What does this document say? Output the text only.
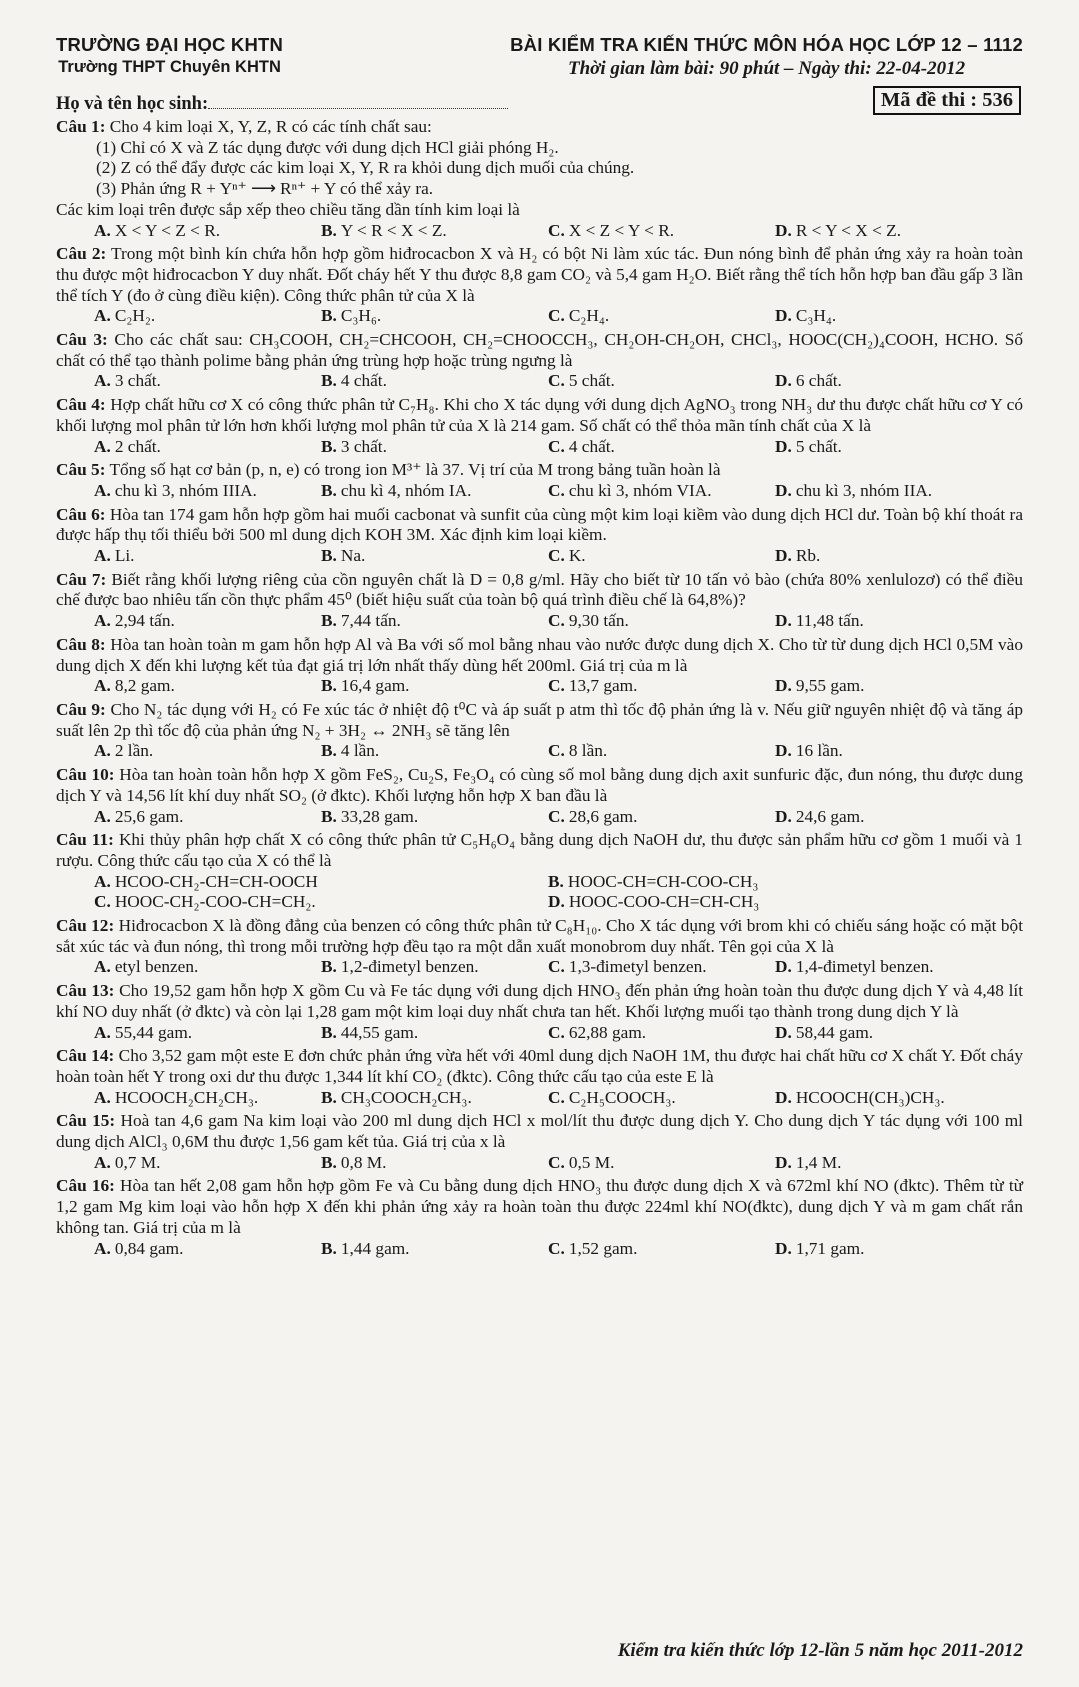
TRƯỜNG ĐẠI HỌC KHTN
Trường THPT Chuyên KHTN
BÀI KIỂM TRA KIẾN THỨC MÔN HÓA HỌC LỚP 12 – 1112
Thời gian làm bài: 90 phút – Ngày thi: 22-04-2012
Họ và tên học sinh:	Mã đề thi : 536

Câu 1: Cho 4 kim loại X, Y, Z, R có các tính chất sau:

(1) Chỉ có X và Z tác dụng được với dung dịch HCl giải phóng H₂.

(2) Z có thể đẩy được các kim loại X, Y, R ra khỏi dung dịch muối của chúng.

(3) Phản ứng R + Yⁿ⁺ ⟶ Rⁿ⁺ + Y có thể xảy ra.

Các kim loại trên được sắp xếp theo chiều tăng dần tính kim loại là

A. X < Y < Z < R.	B. Y < R < X < Z.	C. X < Z < Y < R.	D. R < Y < X < Z.

Câu 2: Trong một bình kín chứa hỗn hợp gồm hiđrocacbon X và H₂ có bột Ni làm xúc tác. Đun nóng bình để phản ứng xảy ra hoàn toàn thu được một hiđrocacbon Y duy nhất. Đốt cháy hết Y thu được 8,8 gam CO₂ và 5,4 gam H₂O. Biết rằng thể tích hỗn hợp ban đầu gấp 3 lần thể tích Y (đo ở cùng điều kiện). Công thức phân tử của X là

A. C₂H₂.	B. C₃H₆.	C. C₂H₄.	D. C₃H₄.

Câu 3: Cho các chất sau: CH₃COOH, CH₂=CHCOOH, CH₂=CHOOCCH₃, CH₂OH-CH₂OH, CHCl₃, HOOC(CH₂)₄COOH, HCHO. Số chất có thể tạo thành polime bằng phản ứng trùng hợp hoặc trùng ngưng là

A. 3 chất.	B. 4 chất.	C. 5 chất.	D. 6 chất.

Câu 4: Hợp chất hữu cơ X có công thức phân tử C₇H₈. Khi cho X tác dụng với dung dịch AgNO₃ trong NH₃ dư thu được chất hữu cơ Y có khối lượng mol phân tử lớn hơn khối lượng mol phân tử của X là 214 gam. Số chất có thể thỏa mãn tính chất của X là

A. 2 chất.	B. 3 chất.	C. 4 chất.	D. 5 chất.

Câu 5: Tổng số hạt cơ bản (p, n, e) có trong ion M³⁺ là 37. Vị trí của M trong bảng tuần hoàn là

A. chu kì 3, nhóm IIIA.	B. chu kì 4, nhóm IA.	C. chu kì 3, nhóm VIA.	D. chu kì 3, nhóm IIA.

Câu 6: Hòa tan 174 gam hỗn hợp gồm hai muối cacbonat và sunfit của cùng một kim loại kiềm vào dung dịch HCl dư. Toàn bộ khí thoát ra được hấp thụ tối thiểu bởi 500 ml dung dịch KOH 3M. Xác định kim loại kiềm.

A. Li.	B. Na.	C. K.	D. Rb.

Câu 7: Biết rằng khối lượng riêng của cồn nguyên chất là D = 0,8 g/ml. Hãy cho biết từ 10 tấn vỏ bào (chứa 80% xenlulozơ) có thể điều chế được bao nhiêu tấn cồn thực phẩm 45⁰ (biết hiệu suất của toàn bộ quá trình điều chế là 64,8%)?

A. 2,94 tấn.	B. 7,44 tấn.	C. 9,30 tấn.	D. 11,48 tấn.

Câu 8: Hòa tan hoàn toàn m gam hỗn hợp Al và Ba với số mol bằng nhau vào nước được dung dịch X. Cho từ từ dung dịch HCl 0,5M vào dung dịch X đến khi lượng kết tủa đạt giá trị lớn nhất thấy dùng hết 200ml. Giá trị của m là

A. 8,2 gam.	B. 16,4 gam.	C. 13,7 gam.	D. 9,55 gam.

Câu 9: Cho N₂ tác dụng với H₂ có Fe xúc tác ở nhiệt độ t⁰C và áp suất p atm thì tốc độ phản ứng là v. Nếu giữ nguyên nhiệt độ và tăng áp suất lên 2p thì tốc độ của phản ứng N₂ + 3H₂ ↔ 2NH₃ sẽ tăng lên

A. 2 lần.	B. 4 lần.	C. 8 lần.	D. 16 lần.

Câu 10: Hòa tan hoàn toàn hỗn hợp X gồm FeS₂, Cu₂S, Fe₃O₄ có cùng số mol bằng dung dịch axit sunfuric đặc, đun nóng, thu được dung dịch Y và 14,56 lít khí duy nhất SO₂ (ở đktc). Khối lượng hỗn hợp X ban đầu là

A. 25,6 gam.	B. 33,28 gam.	C. 28,6 gam.	D. 24,6 gam.

Câu 11: Khi thủy phân hợp chất X có công thức phân tử C₅H₆O₄ bằng dung dịch NaOH dư, thu được sản phẩm hữu cơ gồm 1 muối và 1 rượu. Công thức cấu tạo của X có thể là

A. HCOO-CH₂-CH=CH-OOCH	B. HOOC-CH=CH-COO-CH₃
C. HOOC-CH₂-COO-CH=CH₂.	D. HOOC-COO-CH=CH-CH₃

Câu 12: Hiđrocacbon X là đồng đẳng của benzen có công thức phân tử C₈H₁₀. Cho X tác dụng với brom khi có chiếu sáng hoặc có mặt bột sắt xúc tác và đun nóng, thì trong mỗi trường hợp đều tạo ra một dẫn xuất monobrom duy nhất. Tên gọi của X là

A. etyl benzen.	B. 1,2-đimetyl benzen.	C. 1,3-đimetyl benzen.	D. 1,4-đimetyl benzen.

Câu 13: Cho 19,52 gam hỗn hợp X gồm Cu và Fe tác dụng với dung dịch HNO₃ đến phản ứng hoàn toàn thu được dung dịch Y và 4,48 lít khí NO duy nhất (ở đktc) và còn lại 1,28 gam một kim loại duy nhất chưa tan hết. Khối lượng muối tạo thành trong dung dịch Y là

A. 55,44 gam.	B. 44,55 gam.	C. 62,88 gam.	D. 58,44 gam.

Câu 14: Cho 3,52 gam một este E đơn chức phản ứng vừa hết với 40ml dung dịch NaOH 1M, thu được hai chất hữu cơ X chất Y. Đốt cháy hoàn toàn hết Y trong oxi dư thu được 1,344 lít khí CO₂ (đktc). Công thức cấu tạo của este E là

A. HCOOCH₂CH₂CH₃.	B. CH₃COOCH₂CH₃.	C. C₂H₅COOCH₃.	D. HCOOCH(CH₃)CH₃.

Câu 15: Hoà tan 4,6 gam Na kim loại vào 200 ml dung dịch HCl x mol/lít thu được dung dịch Y. Cho dung dịch Y tác dụng với 100 ml dung dịch AlCl₃ 0,6M thu được 1,56 gam kết tủa. Giá trị của x là

A. 0,7 M.	B. 0,8 M.	C. 0,5 M.	D. 1,4 M.

Câu 16: Hòa tan hết 2,08 gam hỗn hợp gồm Fe và Cu bằng dung dịch HNO₃ thu được dung dịch X và 672ml khí NO (đktc). Thêm từ từ 1,2 gam Mg kim loại vào hỗn hợp X đến khi phản ứng xảy ra hoàn toàn thu được 224ml khí NO(đktc), dung dịch Y và m gam chất rắn không tan. Giá trị của m là

A. 0,84 gam.	B. 1,44 gam.	C. 1,52 gam.	D. 1,71 gam.
Kiểm tra kiến thức lớp 12-lần 5 năm học 2011-2012
